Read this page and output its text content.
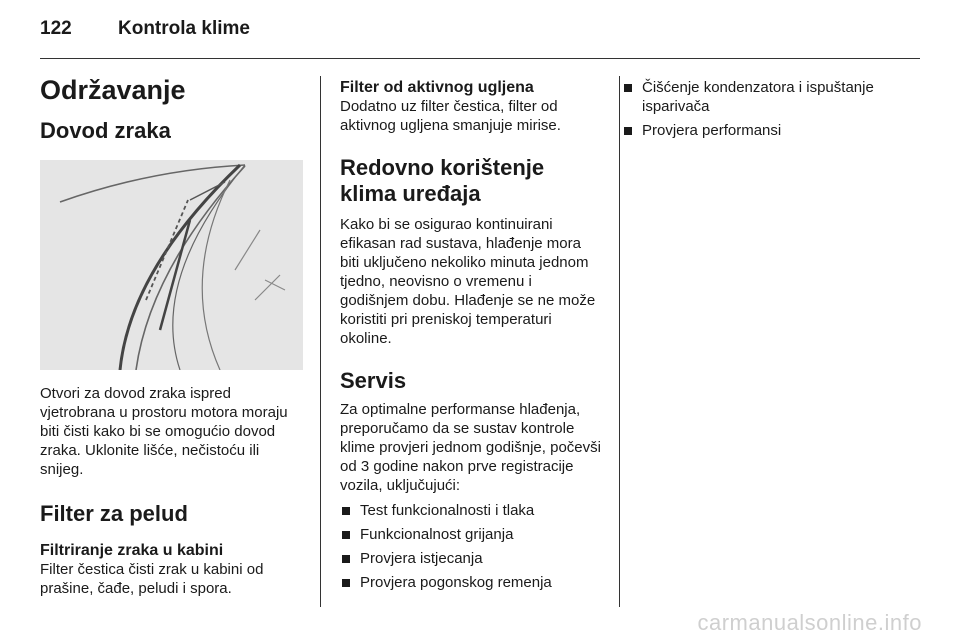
122 Kontrola klime
Održavanje
Dovod zraka

Otvori za dovod zraka ispred vjetrobrana u prostoru motora moraju biti čisti kako bi se omogućio dovod zraka. Uklonite lišće, nečistoću ili snijeg.

Filter za pelud
Filtriranje zraka u kabini

Filter čestica čisti zrak u kabini od prašine, čađe, peludi i spora.

Filter od aktivnog ugljena

Dodatno uz filter čestica, filter od aktivnog ugljena smanjuje mirise.

Redovno korištenje klima uređaja

Kako bi se osigurao kontinuirani efikasan rad sustava, hlađenje mora biti uključeno nekoliko minuta jednom tjedno, neovisno o vremenu i godišnjem dobu. Hlađenje se ne može koristiti pri preniskoj temperaturi okoline.

Servis

Za optimalne performanse hlađenja, preporučamo da se sustav kontrole klime provjeri jednom godišnje, počevši od 3 godine nakon prve registracije vozila, uključujući:

Test funkcionalnosti i tlaka
Funkcionalnost grijanja
Provjera istjecanja
Provjera pogonskog remenja
Čišćenje kondenzatora i ispuštanje isparivača
Provjera performansi
carmanualsonline.info
